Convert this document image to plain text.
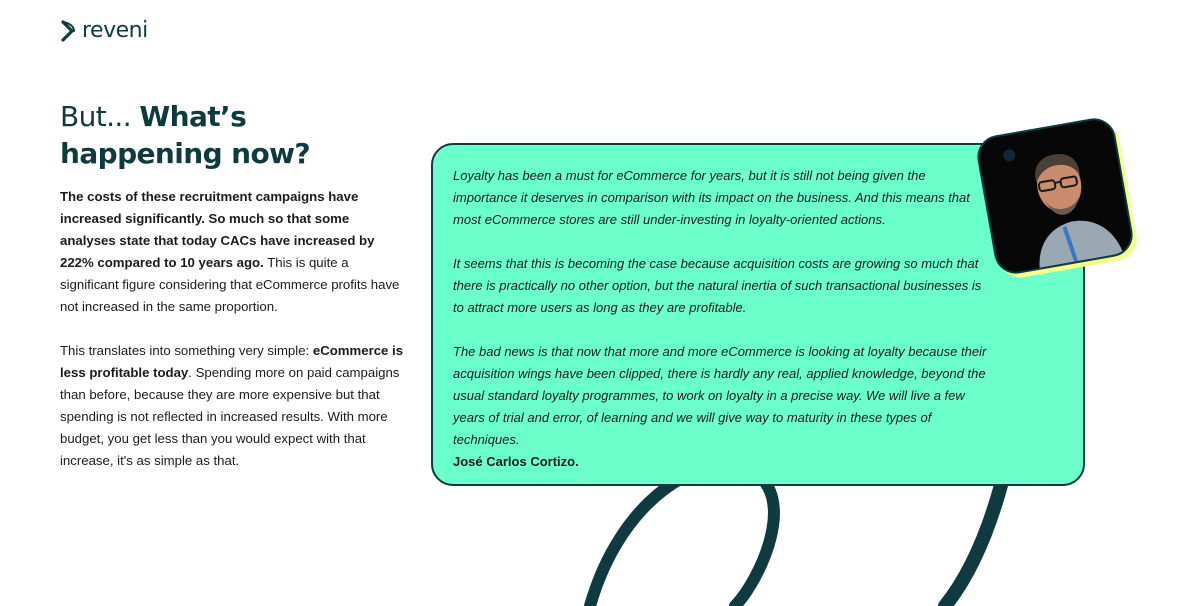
reveni
But... What’s
happening now?

The costs of these recruitment campaigns have increased significantly. So much so that some analyses state that today CACs have increased by 222% compared to 10 years ago. This is quite a significant figure considering that eCommerce profits have not increased in the same proportion.

This translates into something very simple: eCommerce is less profitable today. Spending more on paid campaigns than before, because they are more expensive but that spending is not reflected in increased results. With more budget, you get less than you would expect with that increase, it's as simple as that.

Loyalty has been a must for eCommerce for years, but it is still not being given the importance it deserves in comparison with its impact on the business. And this means that most eCommerce stores are still under-investing in loyalty-oriented actions.

It seems that this is becoming the case because acquisition costs are growing so much that there is practically no other option, but the natural inertia of such transactional businesses is to attract more users as long as they are profitable.

The bad news is that now that more and more eCommerce is looking at loyalty because their acquisition wings have been clipped, there is hardly any real, applied knowledge, beyond the usual standard loyalty programmes, to work on loyalty in a precise way. We will live a few years of trial and error, of learning and we will give way to maturity in these types of techniques.

José Carlos Cortizo.
